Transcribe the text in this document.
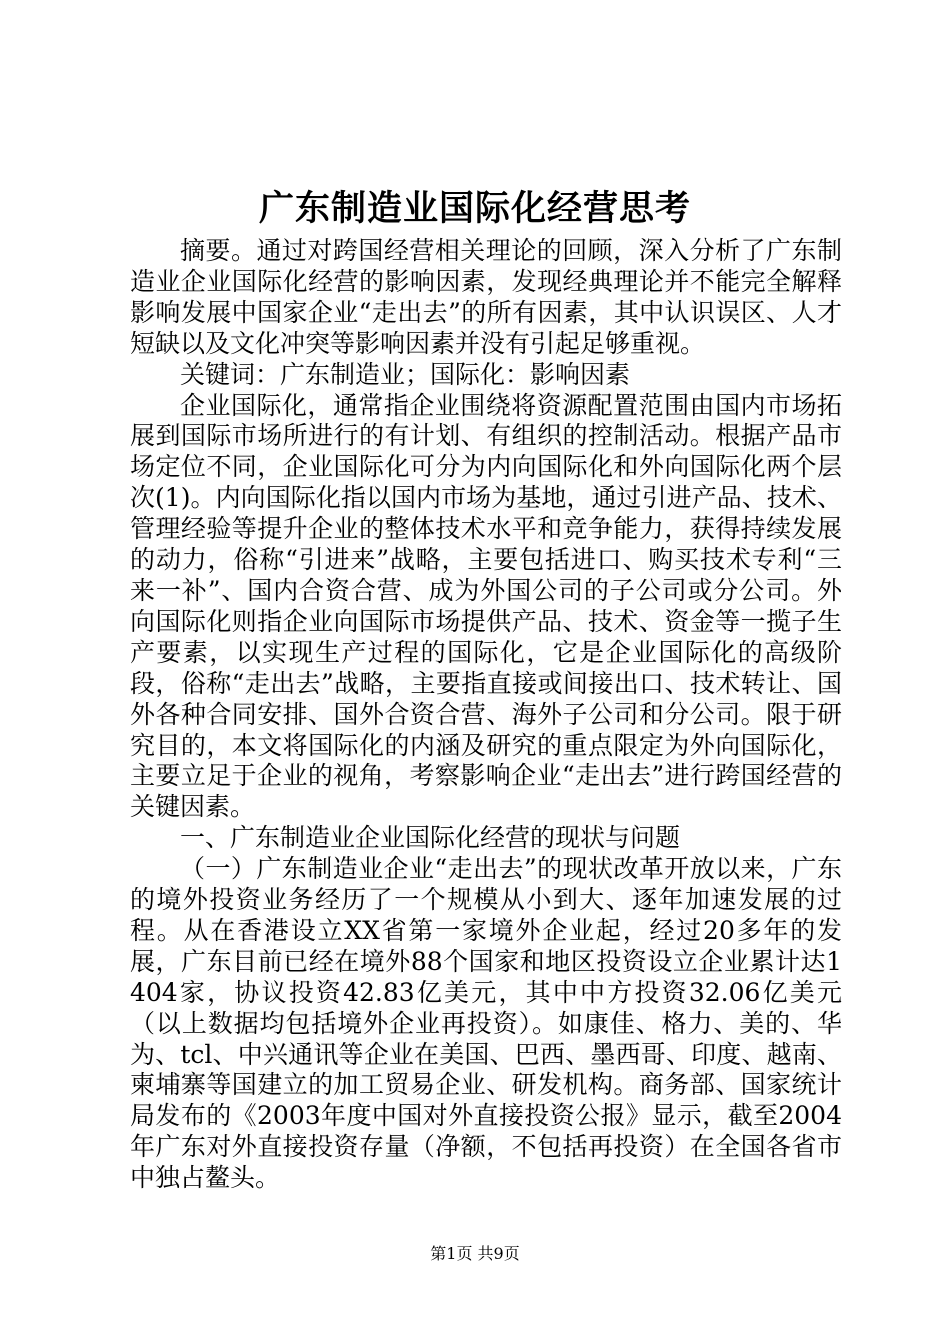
广东制造业国际化经营思考

摘要。通过对跨国经营相关理论的回顾，深入分析了广东制造业企业国际化经营的影响因素，发现经典理论并不能完全解释影响发展中国家企业“走出去”的所有因素，其中认识误区、人才短缺以及文化冲突等影响因素并没有引起足够重视。

关键词：广东制造业；国际化：影响因素

企业国际化，通常指企业围绕将资源配置范围由国内市场拓展到国际市场所进行的有计划、有组织的控制活动。根据产品市场定位不同，企业国际化可分为内向国际化和外向国际化两个层次(1)。内向国际化指以国内市场为基地，通过引进产品、技术、管理经验等提升企业的整体技术水平和竞争能力，获得持续发展的动力，俗称“引进来”战略，主要包括进口、购买技术专利“三来一补”、国内合资合营、成为外国公司的子公司或分公司。外向国际化则指企业向国际市场提供产品、技术、资金等一揽子生产要素，以实现生产过程的国际化，它是企业国际化的高级阶段，俗称“走出去”战略，主要指直接或间接出口、技术转让、国外各种合同安排、国外合资合营、海外子公司和分公司。限于研究目的，本文将国际化的内涵及研究的重点限定为外向国际化，主要立足于企业的视角，考察影响企业“走出去”进行跨国经营的关键因素。

一、广东制造业企业国际化经营的现状与问题

（一）广东制造业企业“走出去”的现状改革开放以来，广东的境外投资业务经历了一个规模从小到大、逐年加速发展的过程。从在香港设立XX省第一家境外企业起，经过20多年的发展，广东目前已经在境外88个国家和地区投资设立企业累计达1404家，协议投资42.83亿美元，其中中方投资32.06亿美元（以上数据均包括境外企业再投资）。如康佳、格力、美的、华为、tcl、中兴通讯等企业在美国、巴西、墨西哥、印度、越南、柬埔寨等国建立的加工贸易企业、研发机构。商务部、国家统计局发布的《2003年度中国对外直接投资公报》显示，截至2004年广东对外直接投资存量（净额，不包括再投资）在全国各省市中独占鳌头。

第1页 共9页
